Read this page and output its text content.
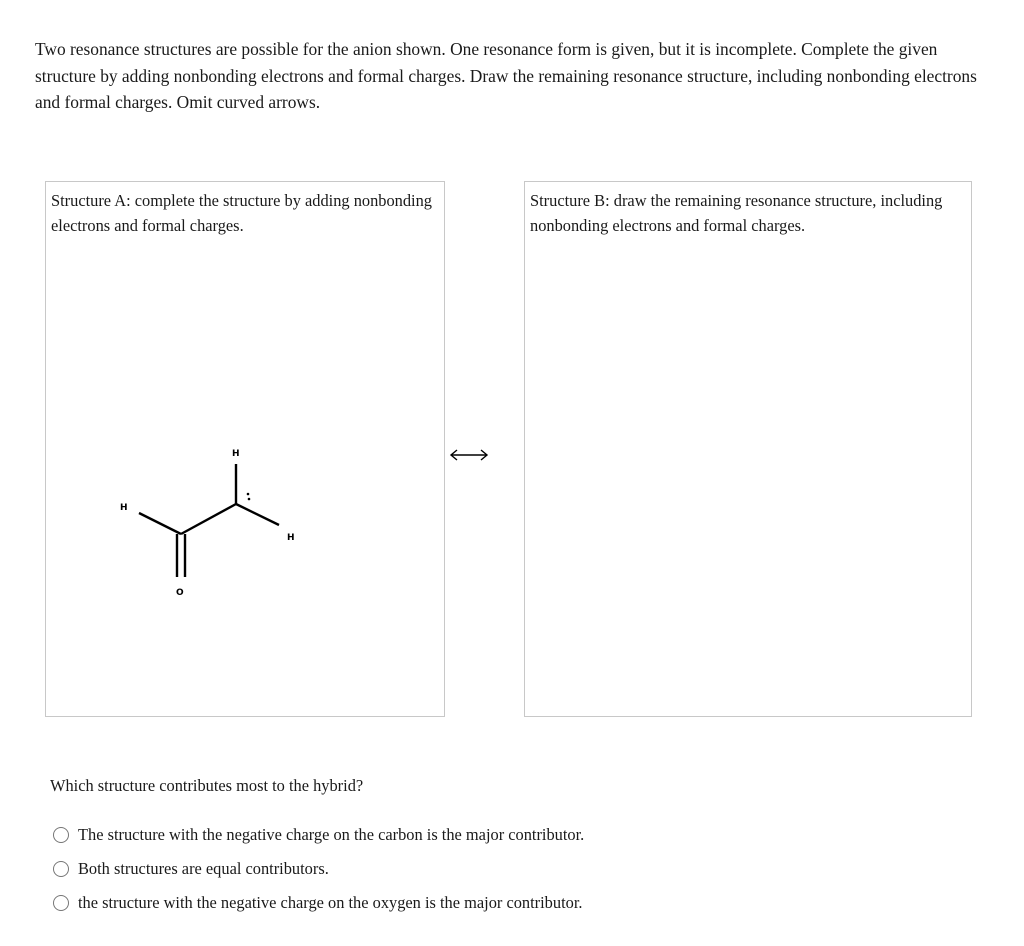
Two resonance structures are possible for the anion shown. One resonance form is given, but it is incomplete. Complete the given structure by adding nonbonding electrons and formal charges. Draw the remaining resonance structure, including nonbonding electrons and formal charges. Omit curved arrows.
Structure A: complete the structure by adding nonbonding electrons and formal charges.
H
H
H
O
Structure B: draw the remaining resonance structure, including nonbonding electrons and formal charges.
Which structure contributes most to the hybrid?
The structure with the negative charge on the carbon is the major contributor.
Both structures are equal contributors.
the structure with the negative charge on the oxygen is the major contributor.
